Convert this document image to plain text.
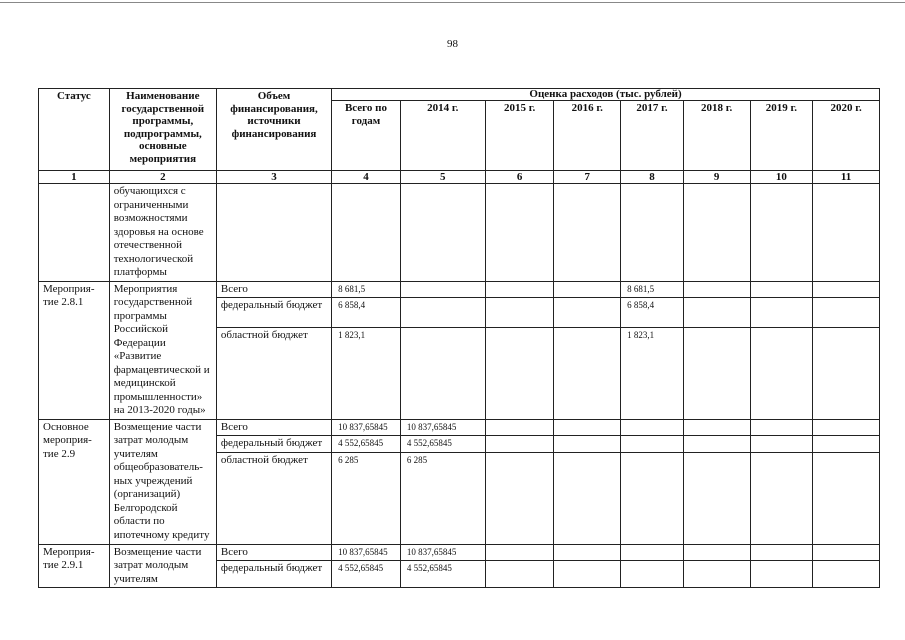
98
Статус	Наименование государственной программы, подпрограммы, основные мероприятия	Объем финансирования, источники финансирования	Оценка расходов (тыс. рублей)							
			Всего по годам	2014 г.	2015 г.	2016 г.	2017 г.	2018 г.	2019 г.	2020 г.
1	2	3	4	5	6	7	8	9	10	11
	обучающихся с ограниченными возможностями здоровья на основе отечественной технологической платформы									
Мероприя-тие 2.8.1	Мероприятия государственной программы Российской Федерации «Развитие фармацевтической и медицинской промышленности» на 2013-2020 годы»	Всего	8 681,5				8 681,5			
		федеральный бюджет	6 858,4				6 858,4			
		областной бюджет	1 823,1				1 823,1			
Основное мероприя-тие 2.9	Возмещение части затрат молодым учителям общеобразователь-ных учреждений (организаций) Белгородской области по ипотечному кредиту	Всего	10 837,65845	10 837,65845						
		федеральный бюджет	4 552,65845	4 552,65845						
		областной бюджет	6 285	6 285						
Мероприя-тие 2.9.1	Возмещение части затрат молодым учителям	Всего	10 837,65845	10 837,65845						
		федеральный бюджет	4 552,65845	4 552,65845						
